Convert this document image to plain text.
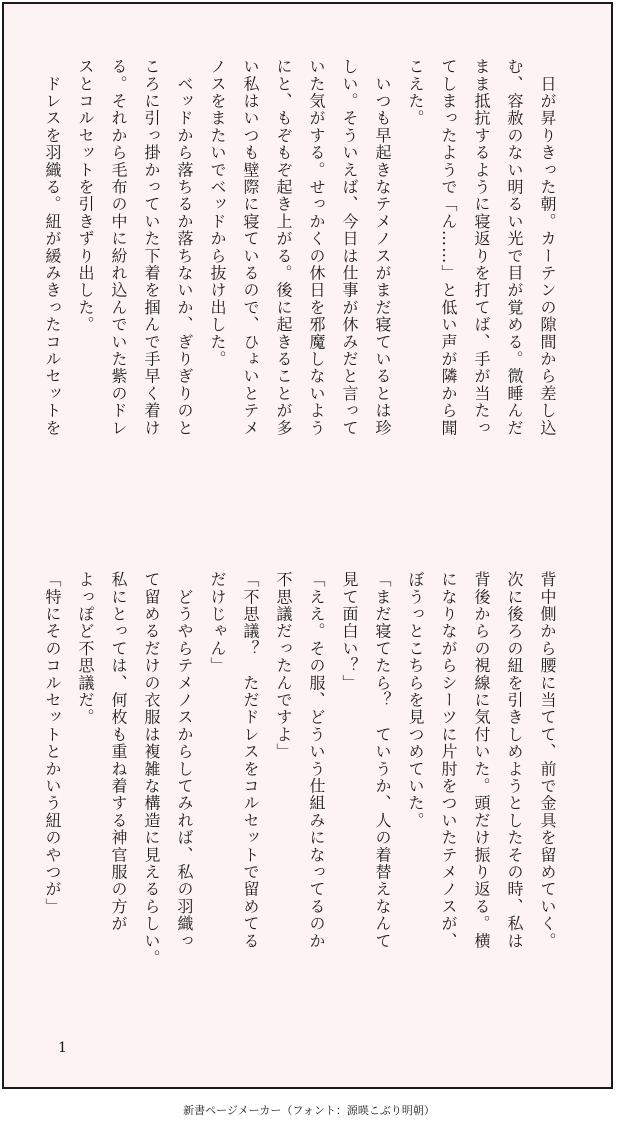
　日が昇りきった朝。カーテンの隙間から差し込
む、容赦のない明るい光で目が覚める。微睡んだ
まま抵抗するように寝返りを打てば、手が当たっ
てしまったようで「ん……」と低い声が隣から聞
こえた。
　いつも早起きなテメノスがまだ寝ているとは珍
しい。そういえば、今日は仕事が休みだと言って
いた気がする。せっかくの休日を邪魔しないよう
にと、もぞもぞ起き上がる。後に起きることが多
い私はいつも壁際に寝ているので、ひょいとテメ
ノスをまたいでベッドから抜け出した。
　ベッドから落ちるか落ちないか、ぎりぎりのと
ころに引っ掛かっていた下着を掴んで手早く着け
る。それから毛布の中に紛れ込んでいた紫のドレ
スとコルセットを引きずり出した。
　ドレスを羽織る。紐が緩みきったコルセットを
背中側から腰に当てて、前で金具を留めていく。
次に後ろの紐を引きしめようとしたその時、私は
背後からの視線に気付いた。頭だけ振り返る。横
になりながらシーツに片肘をついたテメノスが、
ぼうっとこちらを見つめていた。
「まだ寝てたら？　ていうか、人の着替えなんて
見て面白い？」
「ええ。その服、どういう仕組みになってるのか
不思議だったんですよ」
「不思議？　ただドレスをコルセットで留めてる
だけじゃん」
　どうやらテメノスからしてみれば、私の羽織っ
て留めるだけの衣服は複雑な構造に見えるらしい。
私にとっては、何枚も重ね着する神官服の方が
よっぽど不思議だ。
「特にそのコルセットとかいう紐のやつが」
1
新書ページメーカー（フォント：源暎こぶり明朝）
